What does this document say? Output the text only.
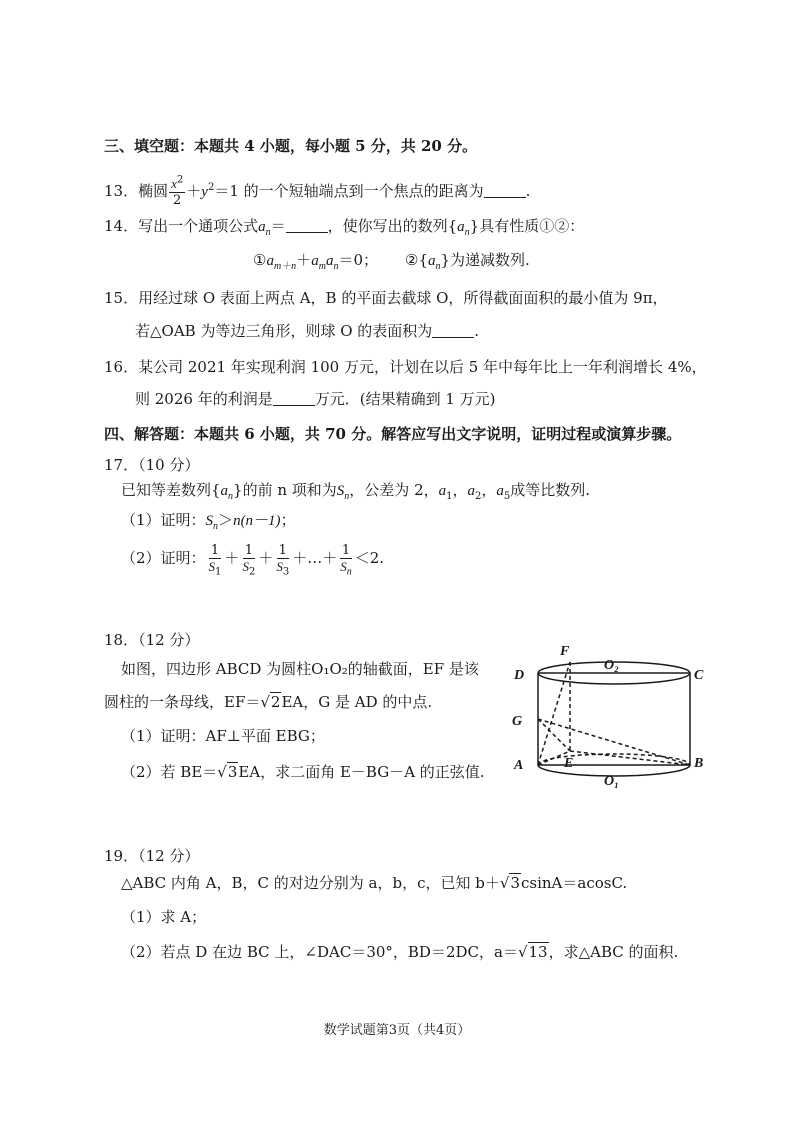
三、填空题：本题共 4 小题，每小题 5 分，共 20 分。
13．椭圆 $\frac{x^2}{2} +y^2=1$ 的一个短轴端点到一个焦点的距离为	.
14．写出一个通项公式$a_n=$	，使你写出的数列$\{a_n\}$具有性质①②：
$①a_{m+n}+a_ma_n=0$； $②\{a_n\}$为递减数列.
15．用经过球 O 表面上两点 A，B 的平面去截球 O，所得截面面积的最小值为 9π，
若△OAB 为等边三角形，则球 O 的表面积为	.
16．某公司 2021 年实现利润 100 万元，计划在以后 5 年中每年比上一年利润增长 4%，
则 2026 年的利润是	万元．(结果精确到 1 万元)
四、解答题：本题共 6 小题，共 70 分。解答应写出文字说明，证明过程或演算步骤。
17．（10 分）
已知等差数列$\{a_n\}$的前 n 项和为$S_n$，公差为 2，$a_1$，$a_2$，$a_5$成等比数列.
（1）证明：$S_n>n(n-1)$；
（2）证明： $\frac{1}{S_1} + \frac{1}{S_2} + \frac{1}{S_3}$ ＋…＋ $\frac{1}{S_n} <2$.
18．（12 分）
如图，四边形 ABCD 为圆柱O₁O₂的轴截面，EF 是该
圆柱的一条母线，EF＝√2EA，G 是 AD 的中点.
（1）证明：AF⊥平面 EBG；
（2）若 BE＝√3EA，求二面角 E－BG－A 的正弦值.
D	C
F
O₂
G
E
A	B
O₁
19．（12 分）
△ABC 内角 A，B，C 的对边分别为 a，b，c，已知 b＋√3csinA＝acosC.
（1）求 A；
（2）若点 D 在边 BC 上，∠DAC＝30°，BD＝2DC，a＝√13，求△ABC 的面积.
数学试题第3页（共4页）
